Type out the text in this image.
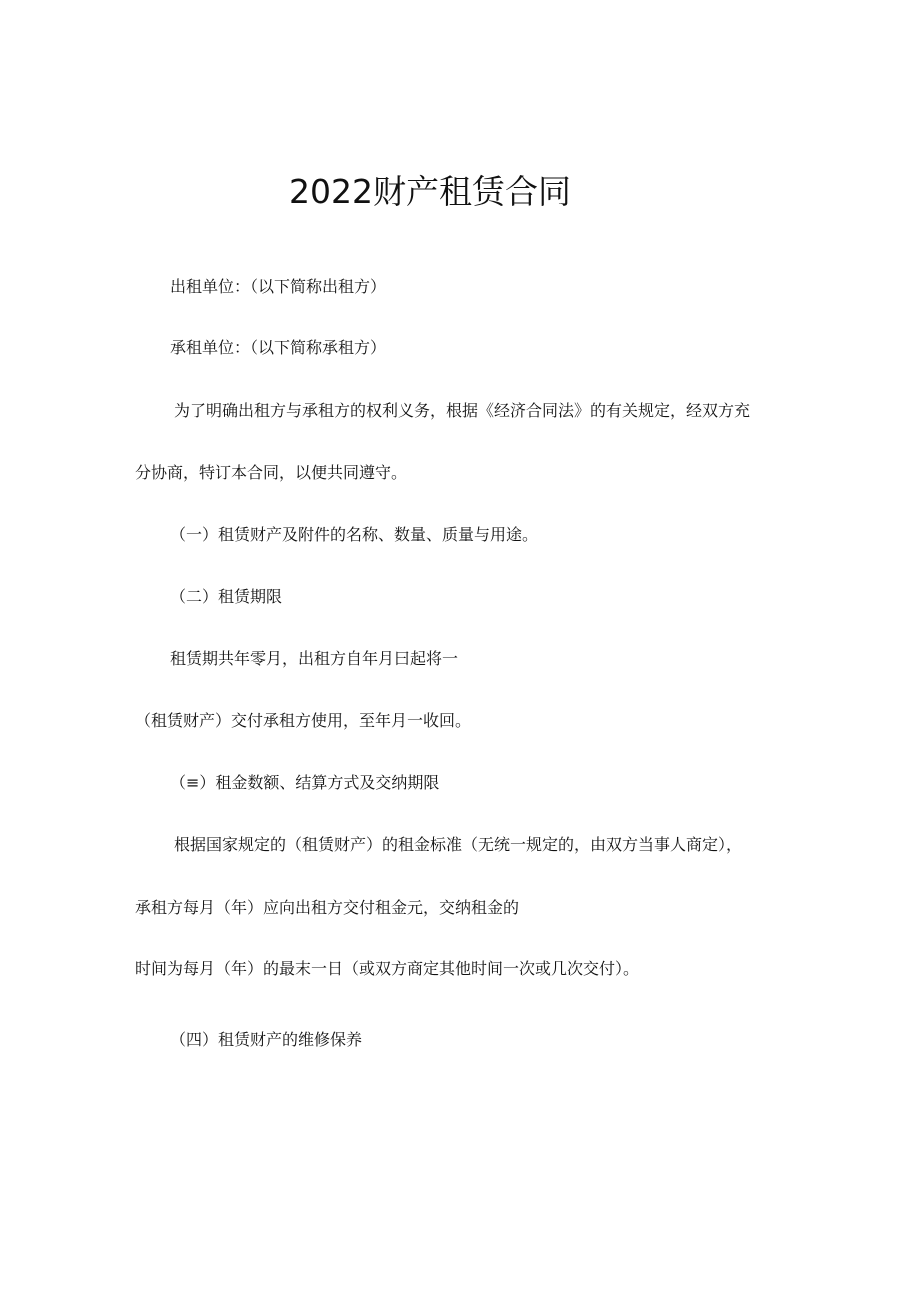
2022财产租赁合同

出租单位：（以下简称出租方）

承租单位：（以下简称承租方）

为了明确出租方与承租方的权利义务，根据《经济合同法》的有关规定，经双方充

分协商，特订本合同，以便共同遵守。

（一）租赁财产及附件的名称、数量、质量与用途。

（二）租赁期限

租赁期共年零月，出租方自年月曰起将一

（租赁财产）交付承租方使用，至年月一收回。

（≡）租金数额、结算方式及交纳期限

根据国家规定的（租赁财产）的租金标准（无统一规定的，由双方当事人商定），

承租方每月（年）应向出租方交付租金元，交纳租金的

时间为每月（年）的最末一日（或双方商定其他时间一次或几次交付）。

（四）租赁财产的维修保养
